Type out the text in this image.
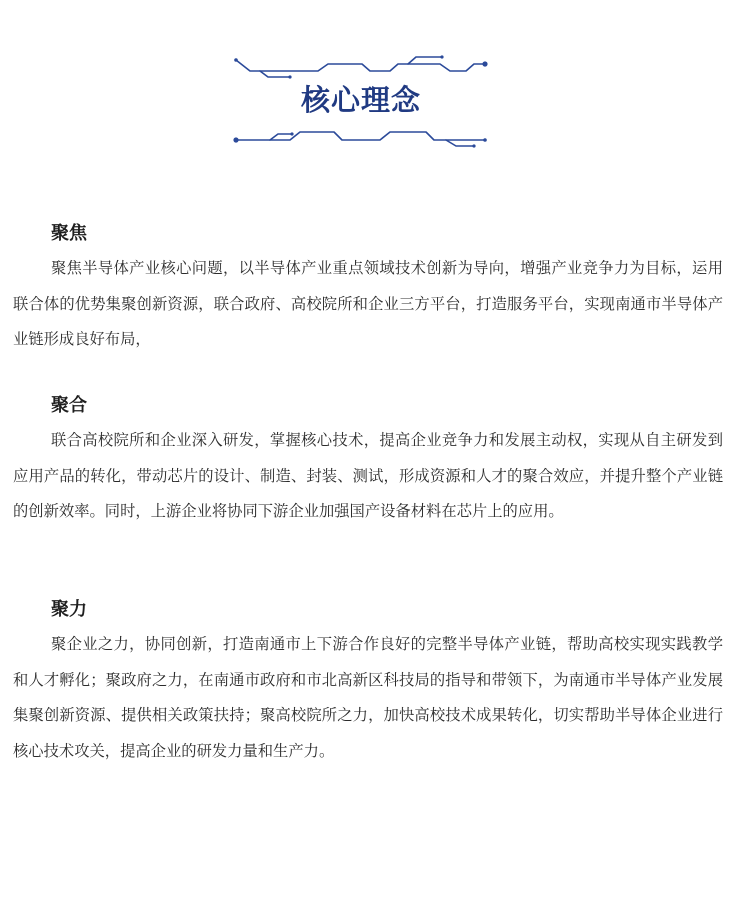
核心理念
聚焦

聚焦半导体产业核心问题，以半导体产业重点领域技术创新为导向，增强产业竞争力为目标，运用联合体的优势集聚创新资源，联合政府、高校院所和企业三方平台，打造服务平台，实现南通市半导体产业链形成良好布局，

聚合

联合高校院所和企业深入研发，掌握核心技术，提高企业竞争力和发展主动权，实现从自主研发到应用产品的转化，带动芯片的设计、制造、封装、测试，形成资源和人才的聚合效应，并提升整个产业链的创新效率。同时，上游企业将协同下游企业加强国产设备材料在芯片上的应用。

聚力

聚企业之力，协同创新，打造南通市上下游合作良好的完整半导体产业链，帮助高校实现实践教学和人才孵化；聚政府之力，在南通市政府和市北高新区科技局的指导和带领下，为南通市半导体产业发展集聚创新资源、提供相关政策扶持；聚高校院所之力，加快高校技术成果转化，切实帮助半导体企业进行核心技术攻关，提高企业的研发力量和生产力。
